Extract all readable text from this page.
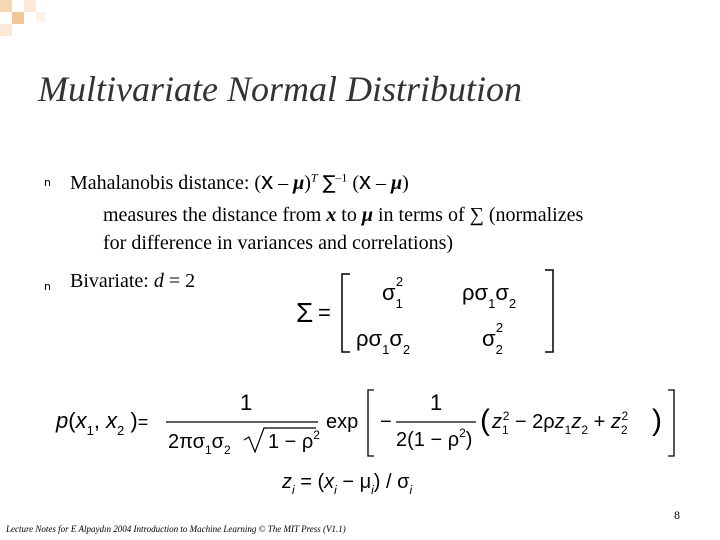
Multivariate Normal Distribution
n Mahalanobis distance: (x – μ)$^T$ ∑$^{-1}$ (x – μ)
measures the distance from x to μ in terms of ∑ (normalizes
for difference in variances and correlations)
n Bivariate: d = 2
Σ =
$\sigma_12$	$\rho\sigma_1\sigma_2$
$\rho\sigma_1\sigma_2$	$\sigma_22$
$p(x_1$, $x_2$ )=
1
$2\pi\sigma_1\sigma_2$ $1 - \rho^2$
exp −
1
$2(1 - \rho^2)$
( $z_12 - 2\rho z_1z_2 + z_22$ )
$z_i = (x_i - \mu_i) / \sigma_i$
8
Lecture Notes for E Alpaydın 2004 Introduction to Machine Learning © The MIT Press (V1.1)
